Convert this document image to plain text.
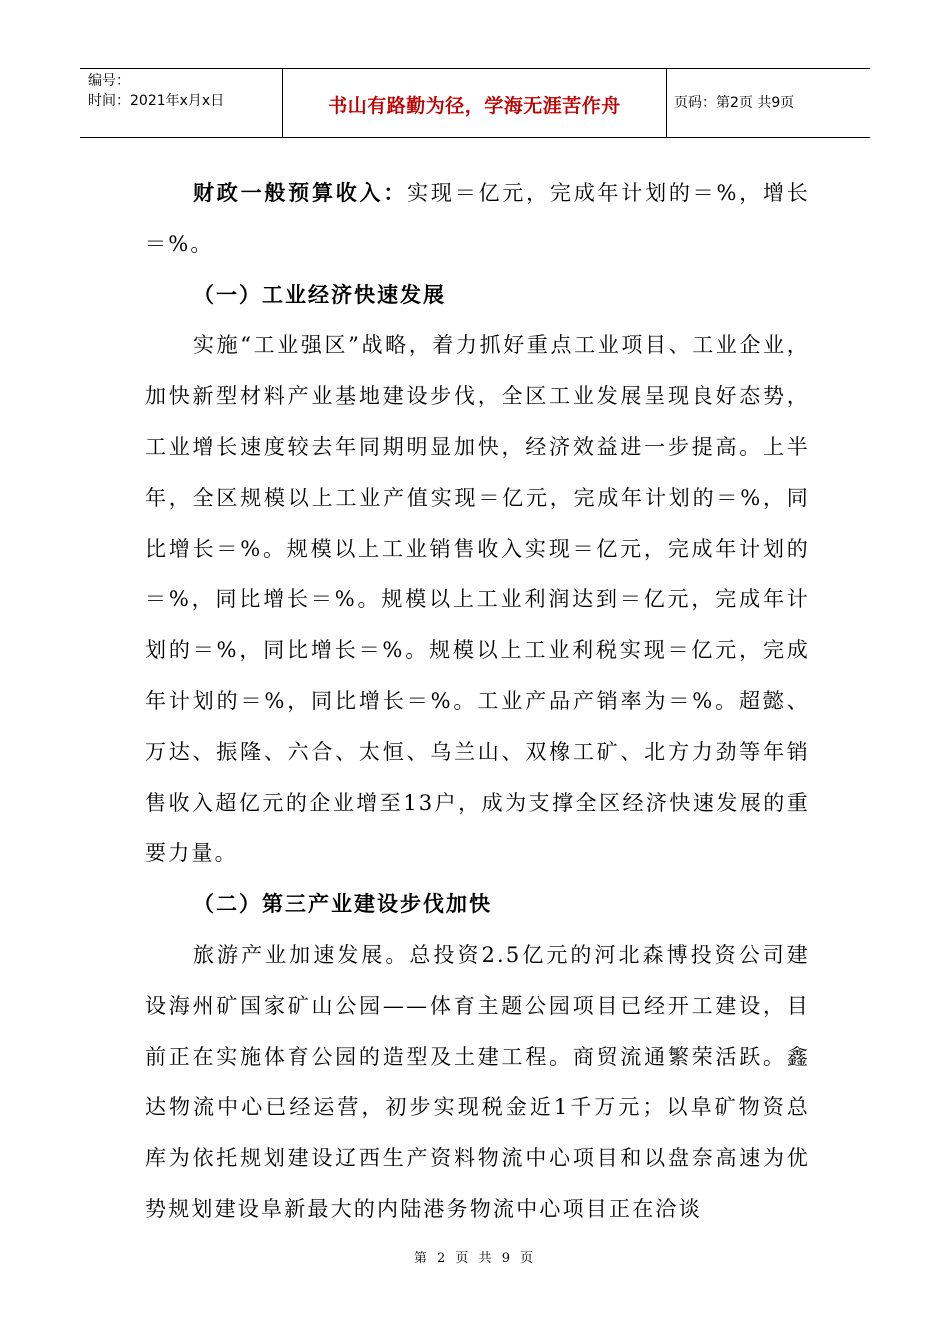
编号：
时间：2021年x月x日	书山有路勤为径，学海无涯苦作舟	页码：第2页 共9页

财政一般预算收入：实现＝亿元，完成年计划的＝%，增长＝%。

（一）工业经济快速发展

实施“工业强区”战略，着力抓好重点工业项目、工业企业，加快新型材料产业基地建设步伐，全区工业发展呈现良好态势，工业增长速度较去年同期明显加快，经济效益进一步提高。上半年，全区规模以上工业产值实现＝亿元，完成年计划的＝%，同比增长＝%。规模以上工业销售收入实现＝亿元，完成年计划的＝%，同比增长＝%。规模以上工业利润达到＝亿元，完成年计划的＝%，同比增长＝%。规模以上工业利税实现＝亿元，完成年计划的＝%，同比增长＝%。工业产品产销率为＝%。超懿、万达、振隆、六合、太恒、乌兰山、双橡工矿、北方力劲等年销售收入超亿元的企业增至13户，成为支撑全区经济快速发展的重要力量。

（二）第三产业建设步伐加快

旅游产业加速发展。总投资2.5亿元的河北森博投资公司建设海州矿国家矿山公园——体育主题公园项目已经开工建设，目前正在实施体育公园的造型及土建工程。商贸流通繁荣活跃。鑫达物流中心已经运营，初步实现税金近1千万元；以阜矿物资总库为依托规划建设辽西生产资料物流中心项目和以盘奈高速为优势规划建设阜新最大的内陆港务物流中心项目正在洽谈

第 2 页 共 9 页
